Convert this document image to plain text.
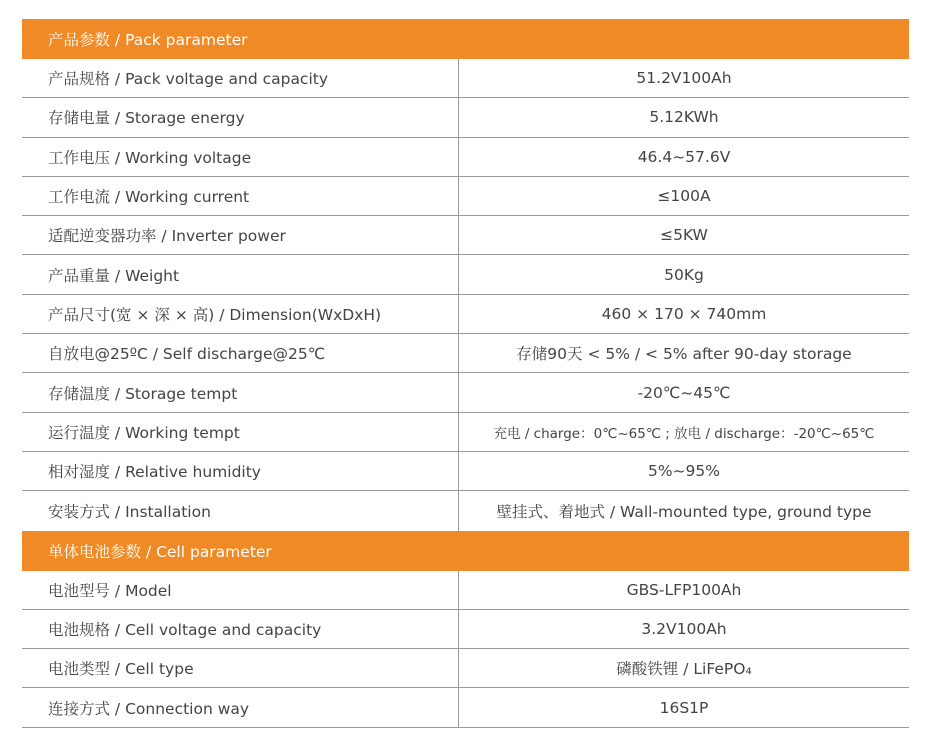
产品参数 / Pack parameter
产品规格 / Pack voltage and capacity	51.2V100Ah
存储电量 / Storage energy	5.12KWh
工作电压 / Working voltage	46.4~57.6V
工作电流 / Working current	≤100A
适配逆变器功率 / Inverter power	≤5KW
产品重量 / Weight	50Kg
产品尺寸(宽 × 深 × 高) / Dimension(WxDxH)	460 × 170 × 740mm
自放电@25ºC / Self discharge@25℃	存储90天 < 5% / < 5% after 90-day storage
存储温度 / Storage tempt	-20℃~45℃
运行温度 / Working tempt	充电 / charge：0℃~65℃ ; 放电 / discharge：-20℃~65℃
相对湿度 / Relative humidity	5%~95%
安装方式 / Installation	壁挂式、着地式 / Wall-mounted type, ground type
单体电池参数 / Cell parameter
电池型号 / Model	GBS-LFP100Ah
电池规格 / Cell voltage and capacity	3.2V100Ah
电池类型 / Cell type	磷酸铁锂 / LiFePO₄
连接方式 / Connection way	16S1P
